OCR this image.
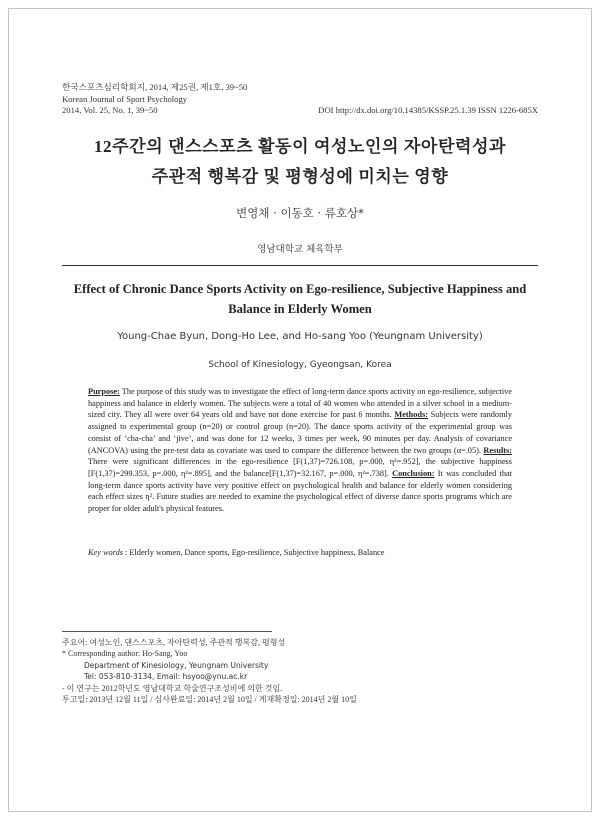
한국스포츠심리학회지, 2014, 제25권, 제1호, 39~50
Korean Journal of Sport Psychology
2014, Vol. 25, No. 1, 39~50	DOI http://dx.doi.org/10.14385/KSSP.25.1.39 ISSN 1226-685X
12주간의 댄스스포츠 활동이 여성노인의 자아탄력성과
주관적 행복감 및 평형성에 미치는 영향
변영채 · 이동호 · 류호상*
영남대학교 체육학부
Effect of Chronic Dance Sports Activity on Ego-resilience, Subjective Happiness and Balance in Elderly Women
Young-Chae Byun, Dong-Ho Lee, and Ho-sang Yoo (Yeungnam University)
School of Kinesiology, Gyeongsan, Korea
Purpose: The purpose of this study was to investigate the effect of long-term dance sports activity on ego-resilience, subjective happiness and balance in elderly women. The subjects were a total of 40 women who attended in a silver school in a medium-sized city. They all were over 64 years old and have not done exercise for past 6 months. Methods: Subjects were randomly assigned to experimental group (n=20) or control group (n=20). The dance sports activity of the experimental group was consist of ‘cha-cha’ and ‘jive’, and was done for 12 weeks, 3 times per week, 90 minutes per day. Analysis of covariance (ANCOVA) using the pre-test data as covariate was used to compare the difference between the two groups (α=.05). Results: There were significant differences in the ego-resilience [F(1,37)=726.108, p=.000, η²=.952], the subjective happiness [F(1,37)=299.353, p=.000, η²=.895], and the balance[F(1,37)=32.167, p=.000, η²=.738]. Conclusion: It was concluded that long-term dance sports activity have very positive effect on psychological health and balance for elderly women considering each effect sizes η². Future studies are needed to examine the psychological effect of diverse dance sports programs which are proper for older adult's physical features.
Key words : Elderly women, Dance sports, Ego-resilience, Subjective happiness, Balance
주요어: 여성노인, 댄스스포츠, 자아탄력성, 주관적 행복감, 평형성
* Corresponding author: Ho-Sang, Yoo
Department of Kinesiology, Yeungnam University
Tel: 053-810-3134, Email: hsyoo@ynu.ac.kr
- 이 연구는 2012학년도 영남대학교 학술연구조성비에 의한 것임.
투고일: 2013년 12월 11일 / 심사완료일: 2014년 2월 10일 / 게재확정일: 2014년 2월 10일
